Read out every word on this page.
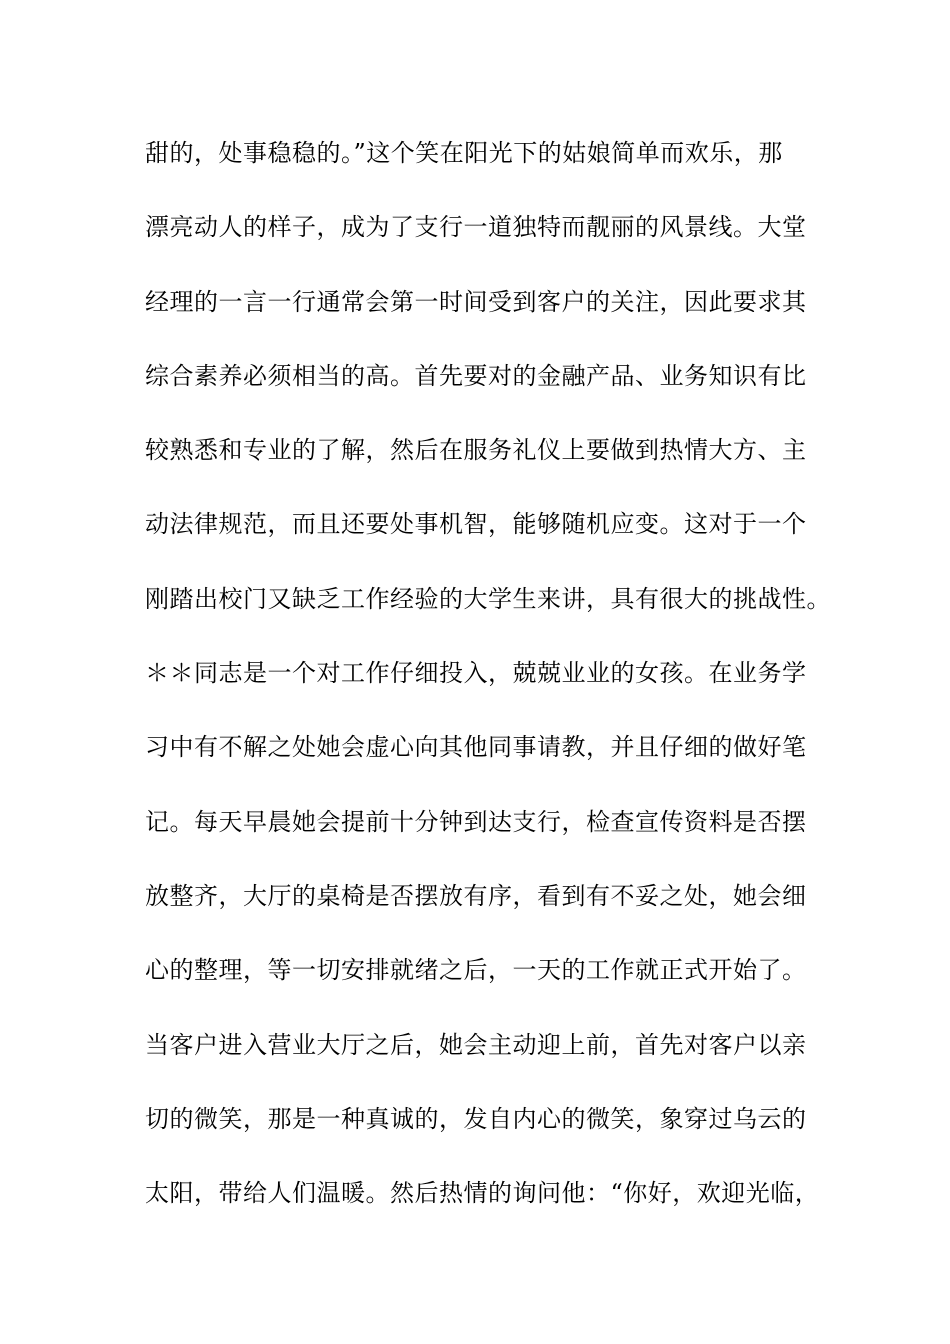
甜的，处事稳稳的。”这个笑在阳光下的姑娘简单而欢乐，那
漂亮动人的样子，成为了支行一道独特而靓丽的风景线。大堂
经理的一言一行通常会第一时间受到客户的关注，因此要求其
综合素养必须相当的高。首先要对的金融产品、业务知识有比
较熟悉和专业的了解，然后在服务礼仪上要做到热情大方、主
动法律规范，而且还要处事机智，能够随机应变。这对于一个
刚踏出校门又缺乏工作经验的大学生来讲，具有很大的挑战性。
＊＊同志是一个对工作仔细投入，兢兢业业的女孩。在业务学
习中有不解之处她会虚心向其他同事请教，并且仔细的做好笔
记。每天早晨她会提前十分钟到达支行，检查宣传资料是否摆
放整齐，大厅的桌椅是否摆放有序，看到有不妥之处，她会细
心的整理，等一切安排就绪之后，一天的工作就正式开始了。
当客户进入营业大厅之后，她会主动迎上前，首先对客户以亲
切的微笑，那是一种真诚的，发自内心的微笑，象穿过乌云的
太阳，带给人们温暖。然后热情的询问他：“你好，欢迎光临，
